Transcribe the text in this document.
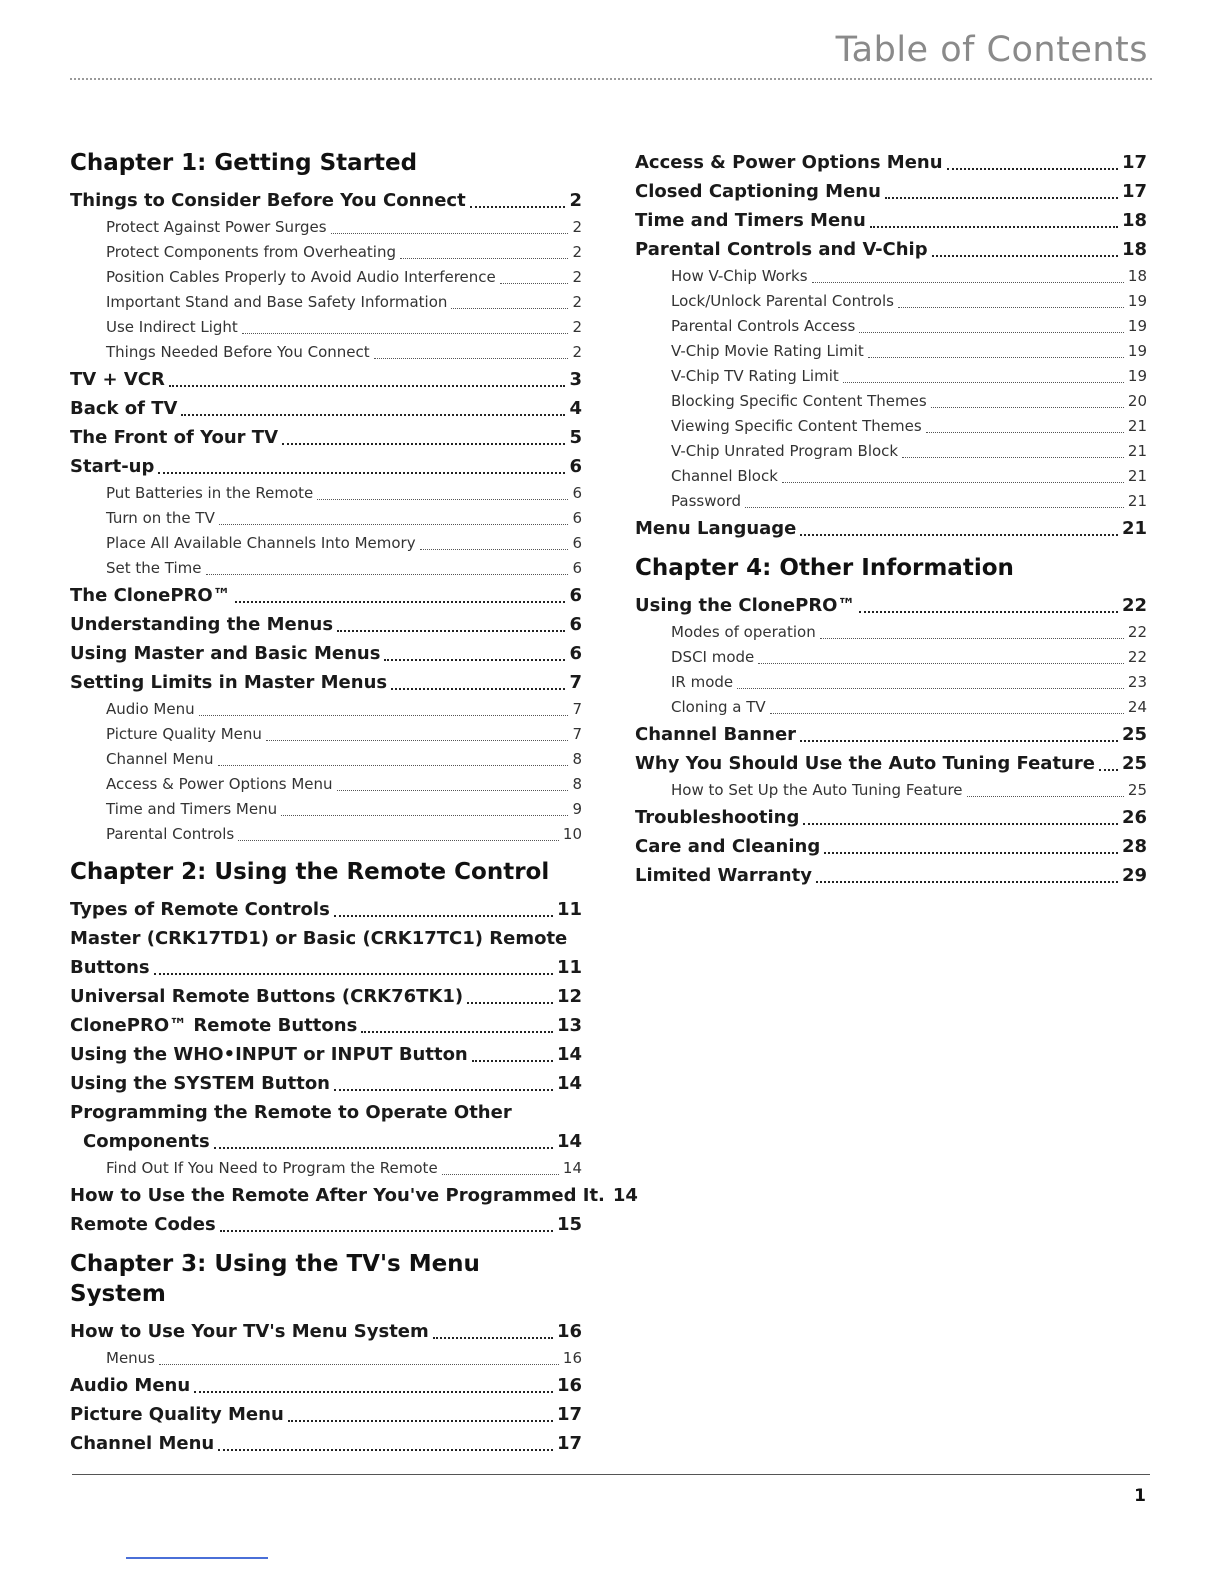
Table of Contents
Chapter 1: Getting Started
Things to Consider Before You Connect	2
Protect Against Power Surges	2
Protect Components from Overheating	2
Position Cables Properly to Avoid Audio Interference	2
Important Stand and Base Safety Information	2
Use Indirect Light	2
Things Needed Before You Connect	2
TV + VCR	3
Back of TV	4
The Front of Your TV	5
Start-up	6
Put Batteries in the Remote	6
Turn on the TV	6
Place All Available Channels Into Memory	6
Set the Time	6
The ClonePRO™	6
Understanding the Menus	6
Using Master and Basic Menus	6
Setting Limits in Master Menus	7
Audio Menu	7
Picture Quality Menu	7
Channel Menu	8
Access & Power Options Menu	8
Time and Timers Menu	9
Parental Controls	10
Chapter 2: Using the Remote Control
Types of Remote Controls	11
Master (CRK17TD1) or Basic (CRK17TC1) Remote
Buttons	11
Universal Remote Buttons (CRK76TK1)	12
ClonePRO™ Remote Buttons	13
Using the WHO•INPUT or INPUT Button	14
Using the SYSTEM Button	14
Programming the Remote to Operate Other
Components	14
Find Out If You Need to Program the Remote	14
How to Use the Remote After You've Programmed It. 14
Remote Codes	15
Chapter 3: Using the TV's Menu System
How to Use Your TV's Menu System	16
Menus	16
Audio Menu	16
Picture Quality Menu	17
Channel Menu	17
Access & Power Options Menu	17
Closed Captioning Menu	17
Time and Timers Menu	18
Parental Controls and V-Chip	18
How V-Chip Works	18
Lock/Unlock Parental Controls	19
Parental Controls Access	19
V-Chip Movie Rating Limit	19
V-Chip TV Rating Limit	19
Blocking Specific Content Themes	20
Viewing Specific Content Themes	21
V-Chip Unrated Program Block	21
Channel Block	21
Password	21
Menu Language	21
Chapter 4: Other Information
Using the ClonePRO™	22
Modes of operation	22
DSCI mode	22
IR mode	23
Cloning a TV	24
Channel Banner	25
Why You Should Use the Auto Tuning Feature 25
How to Set Up the Auto Tuning Feature	25
Troubleshooting	26
Care and Cleaning	28
Limited Warranty	29
1
